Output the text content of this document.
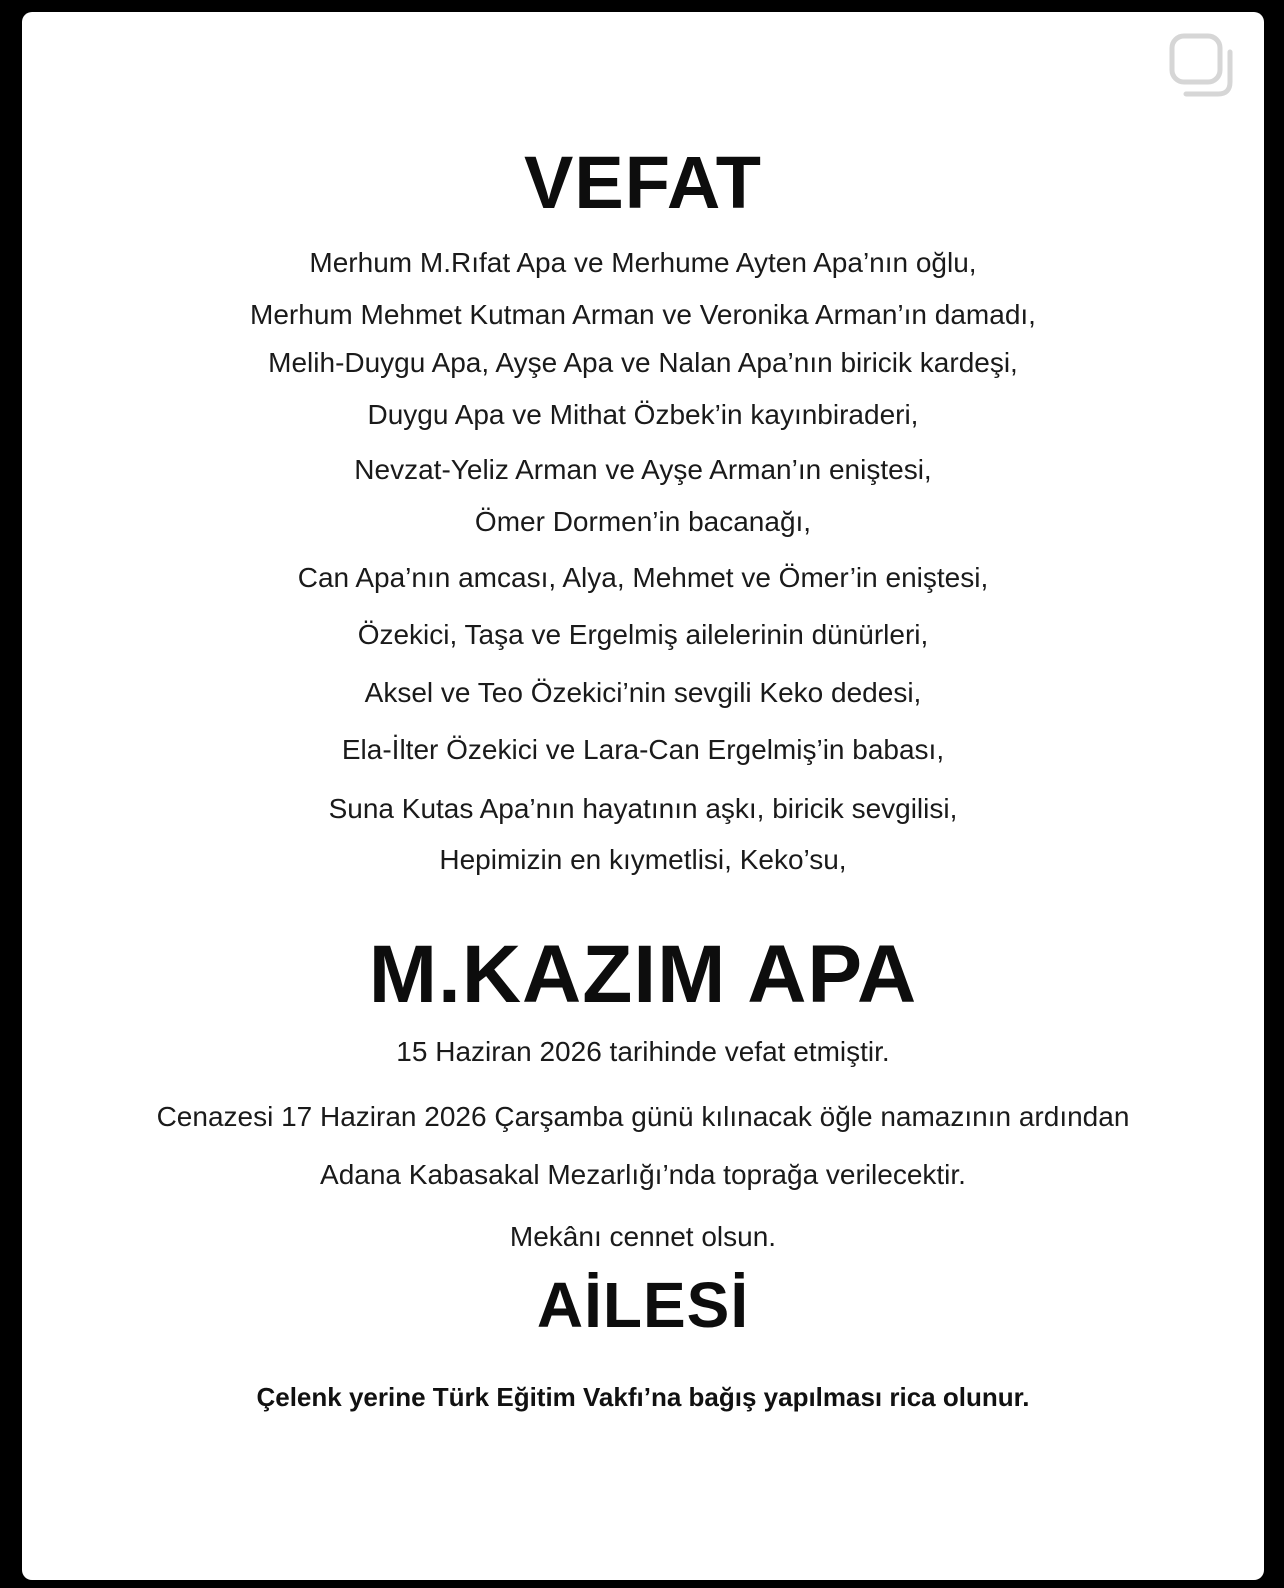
VEFAT
Merhum M.Rıfat Apa ve Merhume Ayten Apa’nın oğlu,
Merhum Mehmet Kutman Arman ve Veronika Arman’ın damadı,
Melih-Duygu Apa, Ayşe Apa ve Nalan Apa’nın biricik kardeşi,
Duygu Apa ve Mithat Özbek’in kayınbiraderi,
Nevzat-Yeliz Arman ve Ayşe Arman’ın eniştesi,
Ömer Dormen’in bacanağı,
Can Apa’nın amcası, Alya, Mehmet ve Ömer’in eniştesi,
Özekici, Taşa ve Ergelmiş ailelerinin dünürleri,
Aksel ve Teo Özekici’nin sevgili Keko dedesi,
Ela-İlter Özekici ve Lara-Can Ergelmiş’in babası,
Suna Kutas Apa’nın hayatının aşkı, biricik sevgilisi,
Hepimizin en kıymetlisi, Keko’su,
M.KAZIM APA
15 Haziran 2026 tarihinde vefat etmiştir.
Cenazesi 17 Haziran 2026 Çarşamba günü kılınacak öğle namazının ardından
Adana Kabasakal Mezarlığı’nda toprağa verilecektir.
Mekânı cennet olsun.
AİLESİ
Çelenk yerine Türk Eğitim Vakfı’na bağış yapılması rica olunur.
